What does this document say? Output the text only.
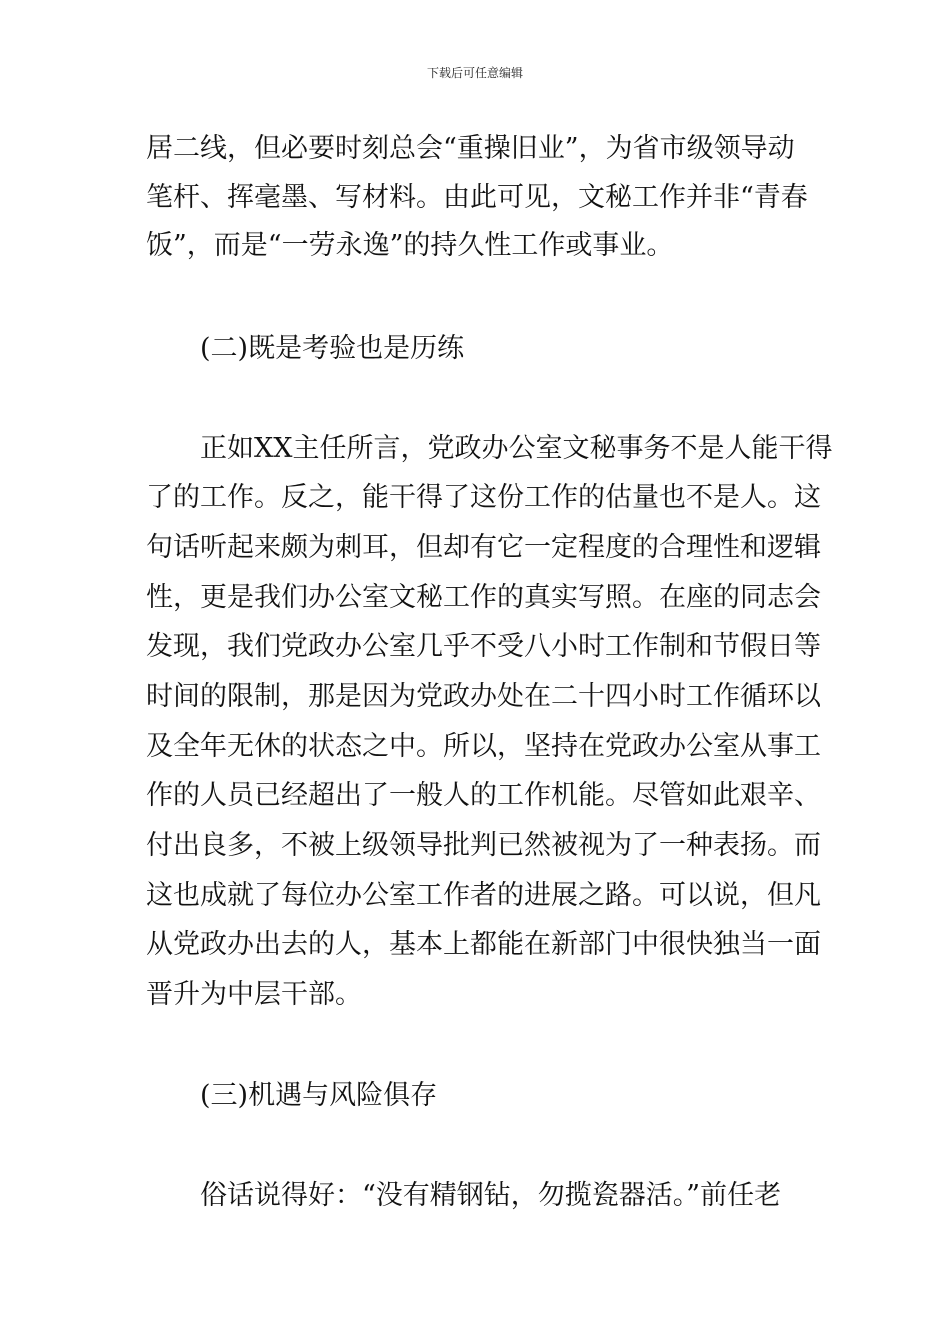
下载后可任意编辑
居二线，但必要时刻总会“重操旧业”，为省市级领导动
笔杆、挥毫墨、写材料。由此可见，文秘工作并非“青春
饭”，而是“一劳永逸”的持久性工作或事业。
(二)既是考验也是历练
正如XX主任所言，党政办公室文秘事务不是人能干得
了的工作。反之，能干得了这份工作的估量也不是人。这
句话听起来颇为刺耳，但却有它一定程度的合理性和逻辑
性，更是我们办公室文秘工作的真实写照。在座的同志会
发现，我们党政办公室几乎不受八小时工作制和节假日等
时间的限制，那是因为党政办处在二十四小时工作循环以
及全年无休的状态之中。所以，坚持在党政办公室从事工
作的人员已经超出了一般人的工作机能。尽管如此艰辛、
付出良多，不被上级领导批判已然被视为了一种表扬。而
这也成就了每位办公室工作者的进展之路。可以说，但凡
从党政办出去的人，基本上都能在新部门中很快独当一面
晋升为中层干部。
(三)机遇与风险俱存
俗话说得好：“没有精钢钻，勿揽瓷器活。”前任老
